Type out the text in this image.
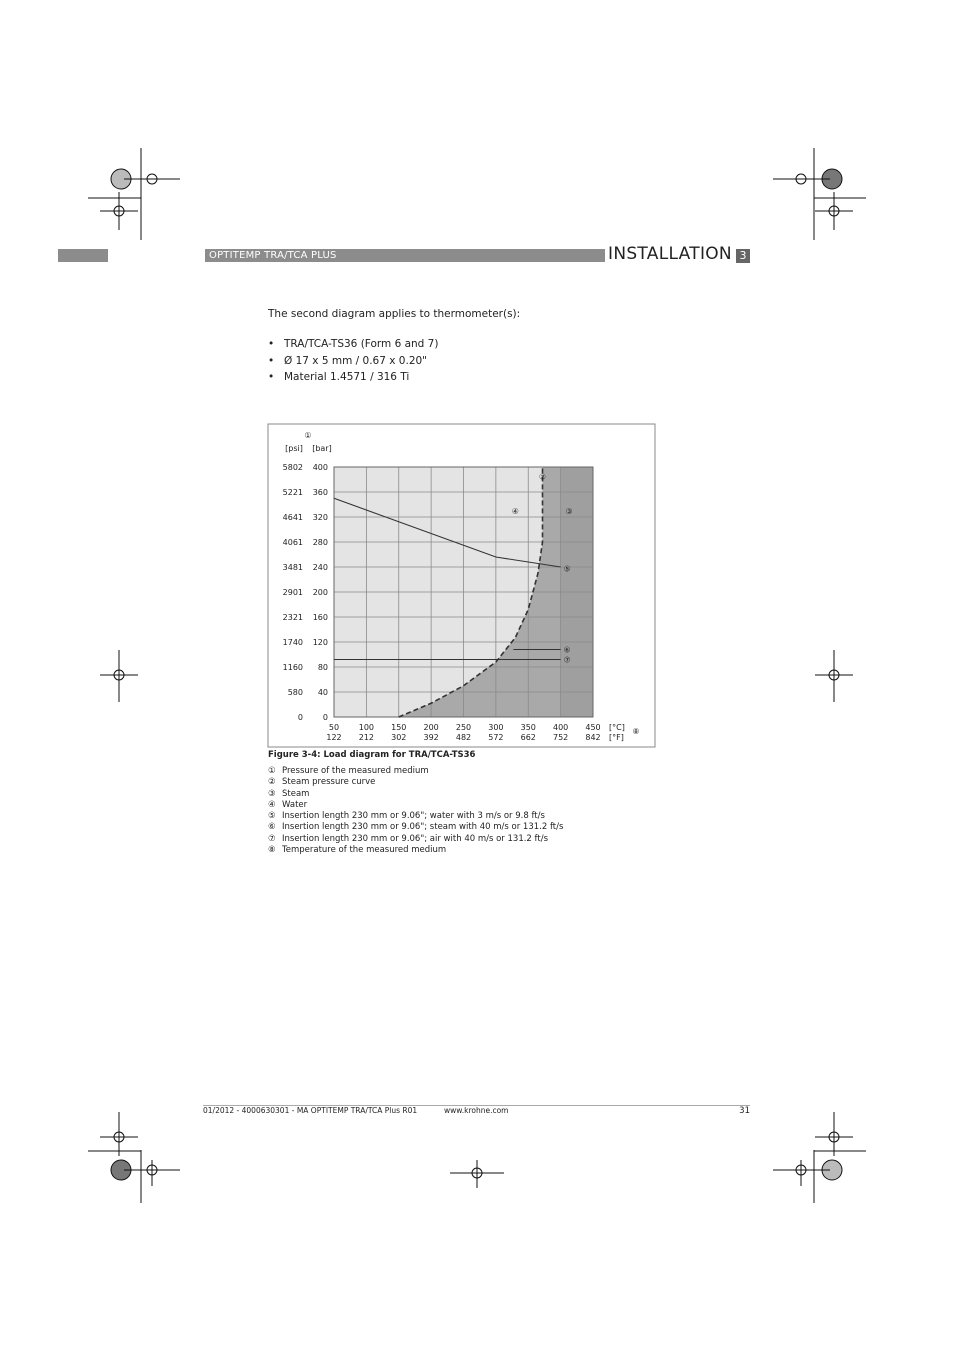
OPTITEMP TRA/TCA PLUS	INSTALLATION 3
The second diagram applies to thermometer(s):
• TRA/TCA-TS36 (Form 6 and 7)
• Ø 17 x 5 mm / 0.67 x 0.20"
• Material 1.4571 / 316 Ti
②
⑤
⑥
⑦
④	③
0
0
40
580
80
1160
120
1740
160
2321
200
2901
240
3481
280
4061
320
4641
360
5221
400
5802
[psi] [bar]
①
50
122
100
212
150
302
200
392
250
482
300
572
350
662
400
752
450
842
[°C]
[°F]
⑧
Figure 3-4: Load diagram for TRA/TCA-TS36
① Pressure of the measured medium
② Steam pressure curve
③ Steam
④ Water
⑤ Insertion length 230 mm or 9.06"; water with 3 m/s or 9.8 ft/s
⑥ Insertion length 230 mm or 9.06"; steam with 40 m/s or 131.2 ft/s
⑦ Insertion length 230 mm or 9.06"; air with 40 m/s or 131.2 ft/s
⑧ Temperature of the measured medium
01/2012 - 4000630301 - MA OPTITEMP TRA/TCA Plus R01	www.krohne.com	31
